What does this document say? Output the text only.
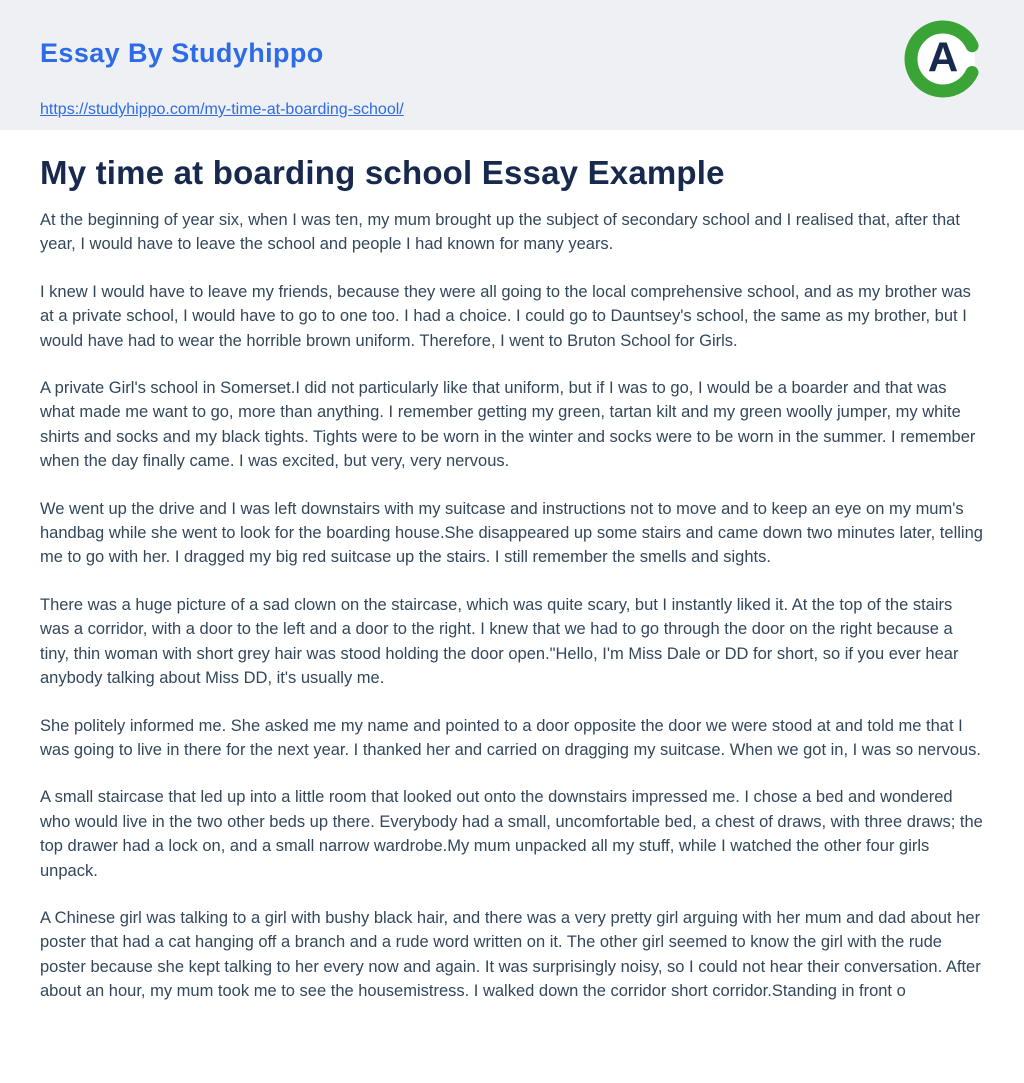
Essay By Studyhippo

https://studyhippo.com/my-time-at-boarding-school/
A
My time at boarding school Essay Example

At the beginning of year six, when I was ten, my mum brought up the subject of secondary school and I realised that, after that year, I would have to leave the school and people I had known for many years.

I knew I would have to leave my friends, because they were all going to the local comprehensive school, and as my brother was at a private school, I would have to go to one too. I had a choice. I could go to Dauntsey's school, the same as my brother, but I would have had to wear the horrible brown uniform. Therefore, I went to Bruton School for Girls.

A private Girl's school in Somerset.I did not particularly like that uniform, but if I was to go, I would be a boarder and that was what made me want to go, more than anything. I remember getting my green, tartan kilt and my green woolly jumper, my white shirts and socks and my black tights. Tights were to be worn in the winter and socks were to be worn in the summer. I remember when the day finally came. I was excited, but very, very nervous.

We went up the drive and I was left downstairs with my suitcase and instructions not to move and to keep an eye on my mum's handbag while she went to look for the boarding house.She disappeared up some stairs and came down two minutes later, telling me to go with her. I dragged my big red suitcase up the stairs. I still remember the smells and sights.

There was a huge picture of a sad clown on the staircase, which was quite scary, but I instantly liked it. At the top of the stairs was a corridor, with a door to the left and a door to the right. I knew that we had to go through the door on the right because a tiny, thin woman with short grey hair was stood holding the door open."Hello, I'm Miss Dale or DD for short, so if you ever hear anybody talking about Miss DD, it's usually me.

She politely informed me. She asked me my name and pointed to a door opposite the door we were stood at and told me that I was going to live in there for the next year. I thanked her and carried on dragging my suitcase. When we got in, I was so nervous.

A small staircase that led up into a little room that looked out onto the downstairs impressed me. I chose a bed and wondered who would live in the two other beds up there. Everybody had a small, uncomfortable bed, a chest of draws, with three draws; the top drawer had a lock on, and a small narrow wardrobe.My mum unpacked all my stuff, while I watched the other four girls unpack.

A Chinese girl was talking to a girl with bushy black hair, and there was a very pretty girl arguing with her mum and dad about her poster that had a cat hanging off a branch and a rude word written on it. The other girl seemed to know the girl with the rude poster because she kept talking to her every now and again. It was surprisingly noisy, so I could not hear their conversation. After about an hour, my mum took me to see the housemistress. I walked down the corridor short corridor.Standing in front o
